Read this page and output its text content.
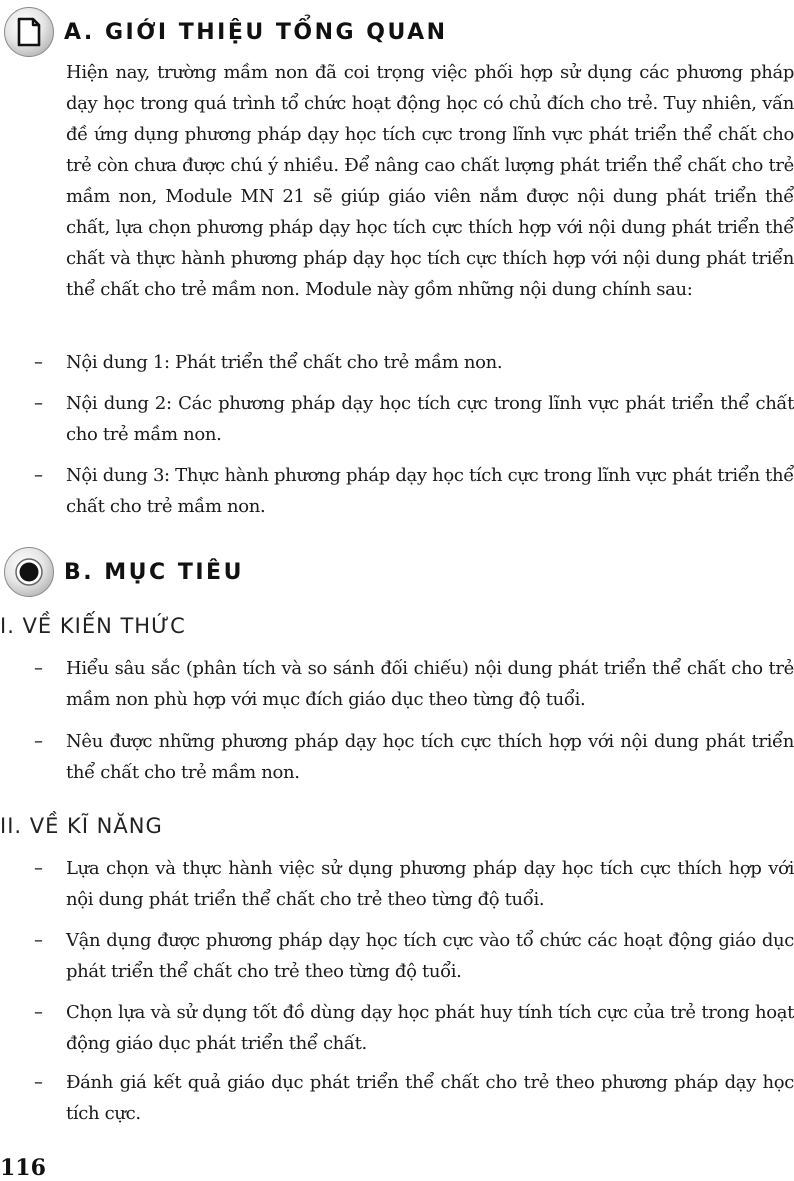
A. GIỚI THIỆU TỔNG QUAN

Hiện nay, trường mầm non đã coi trọng việc phối hợp sử dụng các phương pháp dạy học trong quá trình tổ chức hoạt động học có chủ đích cho trẻ. Tuy nhiên, vấn đề ứng dụng phương pháp dạy học tích cực trong lĩnh vực phát triển thể chất cho trẻ còn chưa được chú ý nhiều. Để nâng cao chất lượng phát triển thể chất cho trẻ mầm non, Module MN 21 sẽ giúp giáo viên nắm được nội dung phát triển thể chất, lựa chọn phương pháp dạy học tích cực thích hợp với nội dung phát triển thể chất và thực hành phương pháp dạy học tích cực thích hợp với nội dung phát triển thể chất cho trẻ mầm non. Module này gồm những nội dung chính sau:

–	Nội dung 1: Phát triển thể chất cho trẻ mầm non.
–	Nội dung 2: Các phương pháp dạy học tích cực trong lĩnh vực phát triển thể chất cho trẻ mầm non.
–	Nội dung 3: Thực hành phương pháp dạy học tích cực trong lĩnh vực phát triển thể chất cho trẻ mầm non.
B. MỤC TIÊU
I. VỀ KIẾN THỨC
–	Hiểu sâu sắc (phân tích và so sánh đối chiếu) nội dung phát triển thể chất cho trẻ mầm non phù hợp với mục đích giáo dục theo từng độ tuổi.
–	Nêu được những phương pháp dạy học tích cực thích hợp với nội dung phát triển thể chất cho trẻ mầm non.
II. VỀ KĨ NĂNG
–	Lựa chọn và thực hành việc sử dụng phương pháp dạy học tích cực thích hợp với nội dung phát triển thể chất cho trẻ theo từng độ tuổi.
–	Vận dụng được phương pháp dạy học tích cực vào tổ chức các hoạt động giáo dục phát triển thể chất cho trẻ theo từng độ tuổi.
–	Chọn lựa và sử dụng tốt đồ dùng dạy học phát huy tính tích cực của trẻ trong hoạt động giáo dục phát triển thể chất.
–	Đánh giá kết quả giáo dục phát triển thể chất cho trẻ theo phương pháp dạy học tích cực.
116
